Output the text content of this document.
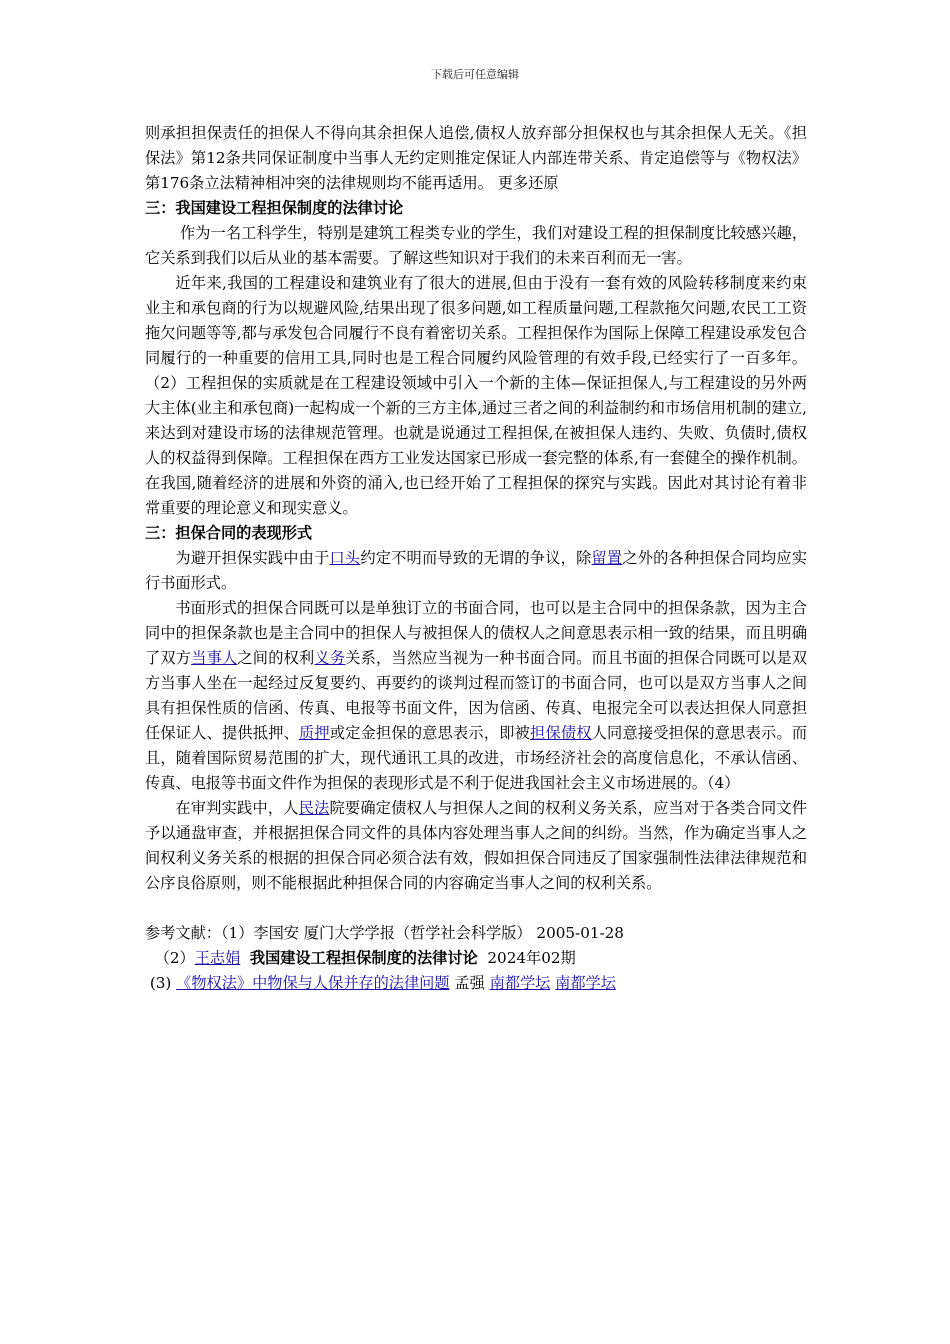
下载后可任意编辑

则承担担保责任的担保人不得向其余担保人追偿,债权人放弃部分担保权也与其余担保人无关。《担保法》第12条共同保证制度中当事人无约定则推定保证人内部连带关系、肯定追偿等与《物权法》第176条立法精神相冲突的法律规则均不能再适用。 更多还原

三：我国建设工程担保制度的法律讨论

作为一名工科学生，特别是建筑工程类专业的学生，我们对建设工程的担保制度比较感兴趣，它关系到我们以后从业的基本需要。了解这些知识对于我们的未来百利而无一害。

近年来,我国的工程建设和建筑业有了很大的进展,但由于没有一套有效的风险转移制度来约束业主和承包商的行为以规避风险,结果出现了很多问题,如工程质量问题,工程款拖欠问题,农民工工资拖欠问题等等,都与承发包合同履行不良有着密切关系。工程担保作为国际上保障工程建设承发包合同履行的一种重要的信用工具,同时也是工程合同履约风险管理的有效手段,已经实行了一百多年。（2）工程担保的实质就是在工程建设领域中引入一个新的主体—保证担保人,与工程建设的另外两大主体(业主和承包商)一起构成一个新的三方主体,通过三者之间的利益制约和市场信用机制的建立,来达到对建设市场的法律规范管理。也就是说通过工程担保,在被担保人违约、失败、负债时,债权人的权益得到保障。工程担保在西方工业发达国家已形成一套完整的体系,有一套健全的操作机制。在我国,随着经济的进展和外资的涌入,也已经开始了工程担保的探究与实践。因此对其讨论有着非常重要的理论意义和现实意义。

三：担保合同的表现形式

为避开担保实践中由于口头约定不明而导致的无谓的争议，除留置之外的各种担保合同均应实行书面形式。

书面形式的担保合同既可以是单独订立的书面合同，也可以是主合同中的担保条款，因为主合同中的担保条款也是主合同中的担保人与被担保人的债权人之间意思表示相一致的结果，而且明确了双方当事人之间的权利义务关系，当然应当视为一种书面合同。而且书面的担保合同既可以是双方当事人坐在一起经过反复要约、再要约的谈判过程而签订的书面合同，也可以是双方当事人之间具有担保性质的信函、传真、电报等书面文件，因为信函、传真、电报完全可以表达担保人同意担任保证人、提供抵押、质押或定金担保的意思表示，即被担保债权人同意接受担保的意思表示。而且，随着国际贸易范围的扩大，现代通讯工具的改进，市场经济社会的高度信息化，不承认信函、传真、电报等书面文件作为担保的表现形式是不利于促进我国社会主义市场进展的。（4）

在审判实践中，人民法院要确定债权人与担保人之间的权利义务关系，应当对于各类合同文件予以通盘审查，并根据担保合同文件的具体内容处理当事人之间的纠纷。当然，作为确定当事人之间权利义务关系的根据的担保合同必须合法有效，假如担保合同违反了国家强制性法律法律规范和公序良俗原则，则不能根据此种担保合同的内容确定当事人之间的权利关系。

参考文献：（1）李国安 厦门大学学报（哲学社会科学版） 2005-01-28

（2）王志娟 我国建设工程担保制度的法律讨论 2024年02期

(3) 《物权法》中物保与人保并存的法律问题 孟强 南都学坛 南都学坛
